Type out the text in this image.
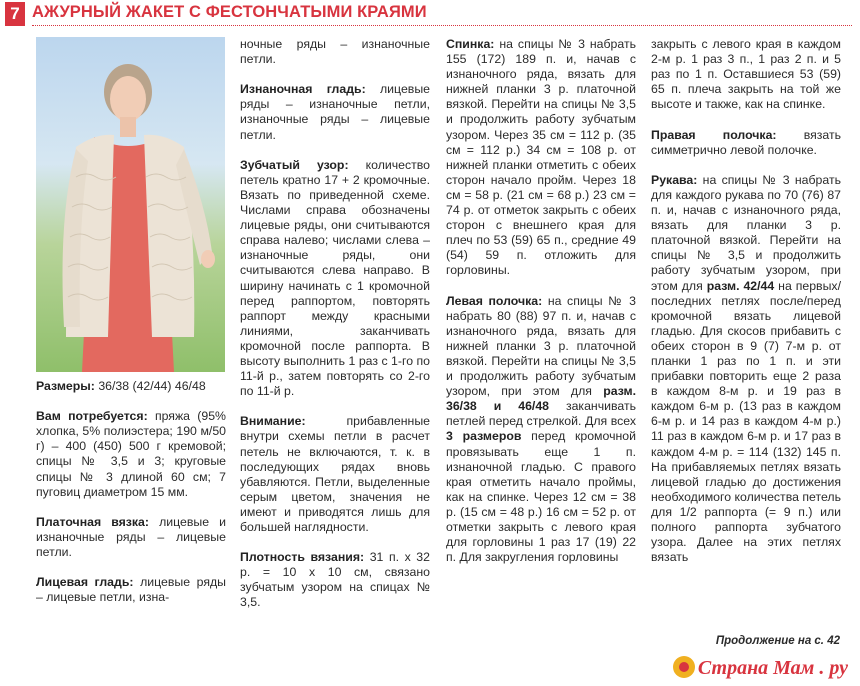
7 АЖУРНЫЙ ЖАКЕТ С ФЕСТОНЧАТЫМИ КРАЯМИ

Размеры: 36/38 (42/44) 46/48

Вам потребуется: пряжа (95% хлопка, 5% полиэстера; 190 м/50 г) – 400 (450) 500 г кремовой; спицы № 3,5 и 3; круговые спицы № 3 длиной 60 см; 7 пуговиц диаметром 15 мм.

Платочная вязка: лицевые и изнаночные ряды – лицевые петли.

Лицевая гладь: лицевые ряды – лицевые петли, изна-

ночные ряды – изнаночные петли.

Изнаночная гладь: лицевые ряды – изнаночные петли, изнаночные ряды – лицевые петли.

Зубчатый узор: количество петель кратно 17 + 2 кромочные. Вязать по приведенной схеме. Числами справа обозначены лицевые ряды, они считываются справа налево; числами слева – изнаночные ряды, они считываются слева направо. В ширину начинать с 1 кромочной перед раппортом, повторять раппорт между красными линиями, заканчивать кромочной после раппорта. В высоту выполнить 1 раз с 1-го по 11-й р., затем повторять со 2-го по 11-й р.

Внимание:	прибавленные внутри схемы петли в расчет петель не включаются, т. к. в последующих рядах вновь убавляются. Петли, выделенные серым цветом, значения не имеют и приводятся лишь для большей наглядности.

Плотность вязания: 31 п. х 32 р. = 10 х 10 см, связано зубчатым узором на спицах № 3,5.

Спинка: на спицы № 3 набрать 155 (172) 189 п. и, начав с изнаночного ряда, вязать для нижней планки 3 р. платочной вязкой. Перейти на спицы № 3,5 и продолжить работу зубчатым узором. Через 35 см = 112 р. (35 см = 112 р.) 34 см = 108 р. от нижней планки отметить с обеих сторон начало пройм. Через 18 см = 58 р. (21 см = 68 р.) 23 см = 74 р. от отметок закрыть с обеих сторон с внешнего края для плеч по 53 (59) 65 п., средние 49 (54) 59 п. отложить для горловины.

Левая полочка: на спицы № 3 набрать 80 (88) 97 п. и, начав с изнаночного ряда, вязать для нижней планки 3 р. платочной вязкой. Перейти на спицы № 3,5 и продолжить работу зубчатым узором, при этом для разм. 36/38 и 46/48 заканчивать петлей перед стрелкой. Для всех 3 размеров перед кромочной провязывать еще 1 п. изнаночной гладью. С правого края отметить начало проймы, как на спинке. Через 12 см = 38 р. (15 см = 48 р.) 16 см = 52 р. от отметки закрыть с левого края для горловины 1 раз 17 (19) 22 п. Для закругления горловины

закрыть с левого края в каждом 2-м р. 1 раз 3 п., 1 раз 2 п. и 5 раз по 1 п. Оставшиеся 53 (59) 65 п. плеча закрыть на той же высоте и также, как на спинке.

Правая полочка: вязать симметрично левой полочке.

Рукава: на спицы № 3 набрать для каждого рукава по 70 (76) 87 п. и, начав с изнаночного ряда, вязать для планки 3 р. платочной вязкой. Перейти на спицы № 3,5 и продолжить работу зубчатым узором, при этом для разм. 42/44 на первых/последних петлях после/перед кромочной вязать лицевой гладью. Для скосов прибавить с обеих сторон в 9 (7) 7-м р. от планки 1 раз по 1 п. и эти прибавки повторить еще 2 раза в каждом 8-м р. и 19 раз в каждом 6-м р. (13 раз в каждом 6-м р. и 14 раз в каждом 4-м р.) 11 раз в каждом 6-м р. и 17 раз в каждом 4-м р. = 114 (132) 145 п. На прибавляемых петлях вязать лицевой гладью до достижения необходимого количества петель для 1/2 раппорта (= 9 п.) или полного раппорта зубчатого узора. Далее на этих петлях вязать

Продолжение на с. 42
Страна Мам . ру
